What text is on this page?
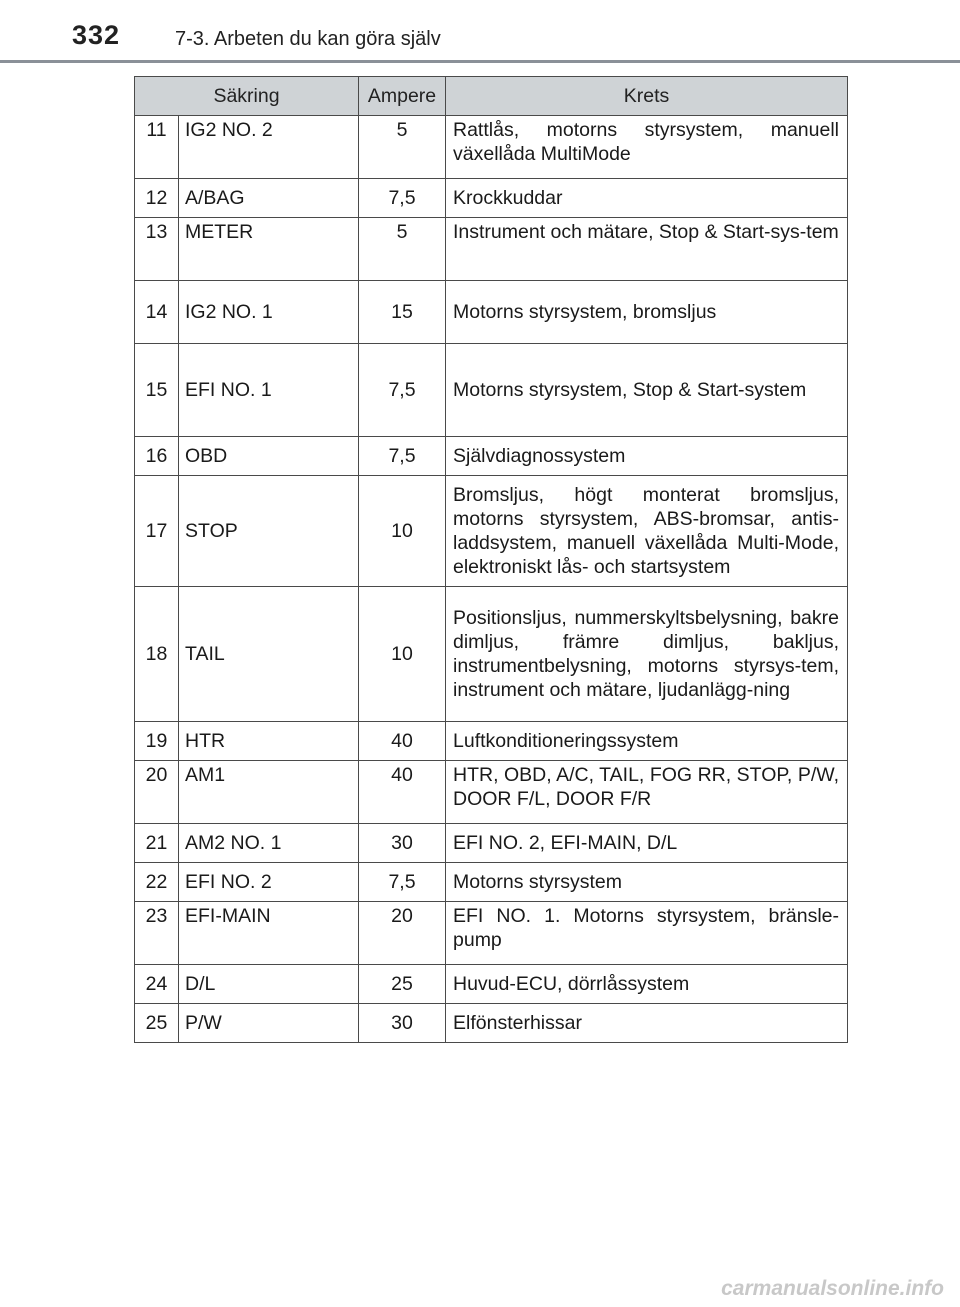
332	7-3. Arbeten du kan göra själv
Säkring		Ampere	Krets
11	IG2 NO. 2	5	Rattlås, motorns styrsystem, manuell växellåda MultiMode
12	A/BAG	7,5	Krockkuddar
13	METER	5	Instrument och mätare, Stop & Start-sys-tem
14	IG2 NO. 1	15	Motorns styrsystem, bromsljus
15	EFI NO. 1	7,5	Motorns styrsystem, Stop & Start-system
16	OBD	7,5	Självdiagnossystem
17	STOP	10	Bromsljus, högt monterat bromsljus, motorns styrsystem, ABS-bromsar, antis-laddsystem, manuell växellåda Multi-Mode, elektroniskt lås- och startsystem
18	TAIL	10	Positionsljus, nummerskyltsbelysning, bakre dimljus, främre dimljus, bakljus, instrumentbelysning, motorns styrsys-tem, instrument och mätare, ljudanlägg-ning
19	HTR	40	Luftkonditioneringssystem
20	AM1	40	HTR, OBD, A/C, TAIL, FOG RR, STOP, P/W, DOOR F/L, DOOR F/R
21	AM2 NO. 1	30	EFI NO. 2, EFI-MAIN, D/L
22	EFI NO. 2	7,5	Motorns styrsystem
23	EFI-MAIN	20	EFI NO. 1. Motorns styrsystem, bränsle-pump
24	D/L	25	Huvud-ECU, dörrlåssystem
25	P/W	30	Elfönsterhissar
carmanualsonline.info
